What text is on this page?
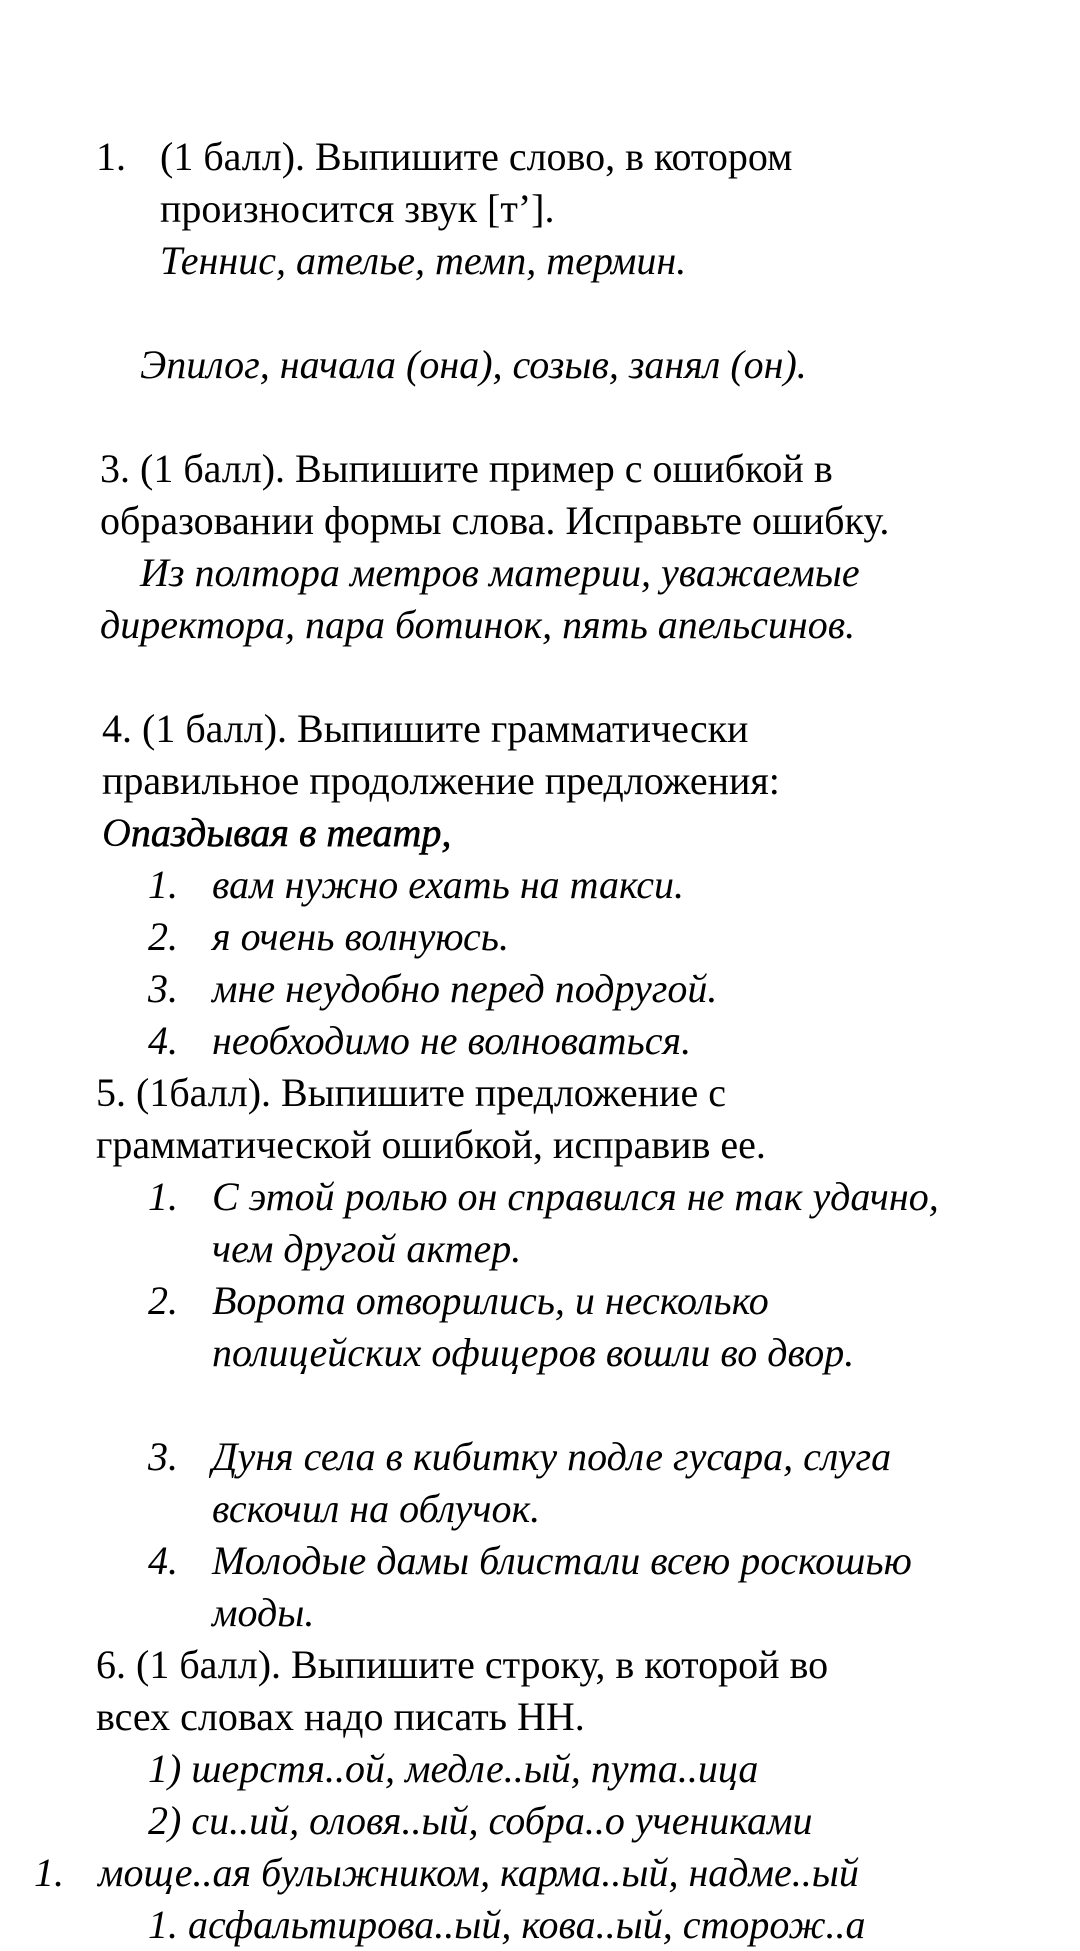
1. (1 балл). Выпишите слово, в котором
произносится звук [т’].
Теннис, ателье, темп, термин.
Эпилог, начала (она), созыв, занял (он).
3. (1 балл). Выпишите пример с ошибкой в
образовании формы слова. Исправьте ошибку.
Из полтора метров материи, уважаемые
директора, пара ботинок, пять апельсинов.
4. (1 балл). Выпишите грамматически
правильное продолжение предложения:
Опаздывая в театр,
1. вам нужно ехать на такси.
2. я очень волнуюсь.
3. мне неудобно перед подругой.
4. необходимо не волноваться.
5. (1балл). Выпишите предложение с
грамматической ошибкой, исправив ее.
1. С этой ролью он справился не так удачно,
чем другой актер.
2. Ворота отворились, и несколько
полицейских офицеров вошли во двор.
3. Дуня села в кибитку подле гусара, слуга
вскочил на облучок.
4. Молодые дамы блистали всею роскошью
моды.
6. (1 балл). Выпишите строку, в которой во
всех словах надо писать НН.
1) шерстя..ой, медле..ый, пута..ица
2) си..ий, оловя..ый, собра..о учениками
1. моще..ая булыжником, карма..ый, надме..ый
1. асфальтирова..ый, кова..ый, сторож..а
